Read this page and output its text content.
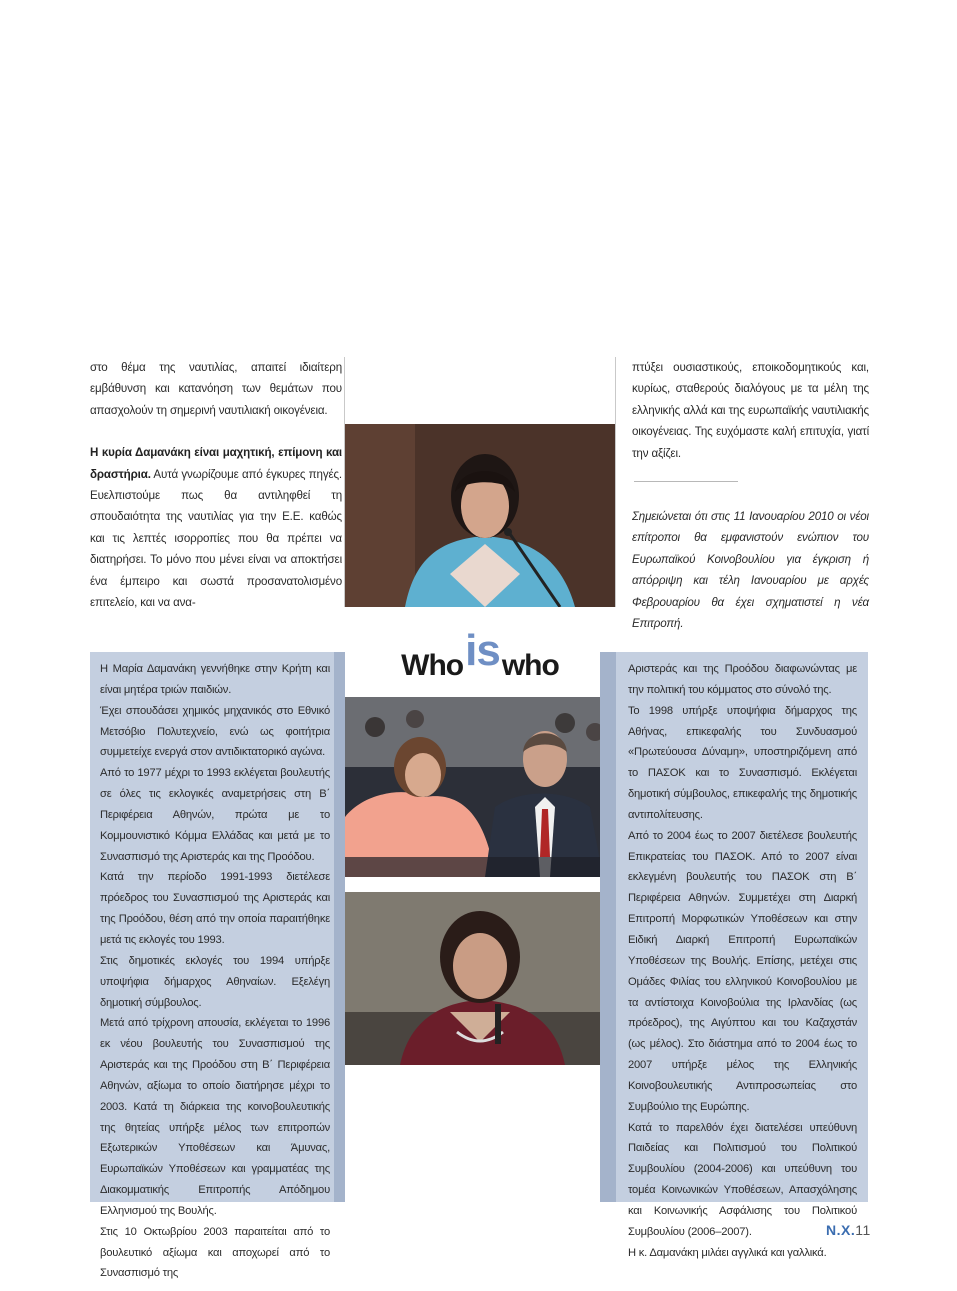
στο θέμα της ναυτιλίας, απαιτεί ιδιαίτερη εμβάθυνση και κατανόηση των θεμάτων που απασχολούν τη σημερινή ναυτιλιακή οικογένεια.

Η κυρία Δαμανάκη είναι μαχητική, επίμονη και δραστήρια. Αυτά γνωρίζουμε από έγκυρες πηγές. Ευελπιστούμε πως θα αντιληφθεί τη σπουδαιότητα της ναυτιλίας για την Ε.Ε. καθώς και τις λεπτές ισορροπίες που θα πρέπει να διατηρήσει. Το μόνο που μένει είναι να αποκτήσει ένα έμπειρο και σωστά προσανατολισμένο επιτελείο, και να ανα-

πτύξει ουσιαστικούς, εποικοδομητικούς και, κυρίως, σταθερούς διαλόγους με τα μέλη της ελληνικής αλλά και της ευρωπαϊκής ναυτιλιακής οικογένειας. Της ευχόμαστε καλή επιτυχία, γιατί την αξίζει.

Σημειώνεται ότι στις 11 Ιανουαρίου 2010 οι νέοι επίτροποι θα εμφανιστούν ενώπιον του Ευρωπαϊκού Κοινοβουλίου για έγκριση ή απόρριψη και τέλη Ιανουαρίου με αρχές Φεβρουαρίου θα έχει σχηματιστεί η νέα Επιτροπή.

Whoiswho

Η Μαρία Δαμανάκη γεννήθηκε στην Κρήτη και είναι μητέρα τριών παιδιών.

Έχει σπουδάσει χημικός μηχανικός στο Εθνικό Μετσόβιο Πολυτεχνείο, ενώ ως φοιτήτρια συμμετείχε ενεργά στον αντιδικτατορικό αγώνα.

Από το 1977 μέχρι το 1993 εκλέγεται βουλευτής σε όλες τις εκλογικές αναμετρήσεις στη Β΄ Περιφέρεια Αθηνών, πρώτα με το Κομμουνιστικό Κόμμα Ελλάδας και μετά με το Συνασπισμό της Αριστεράς και της Προόδου.

Κατά την περίοδο 1991-1993 διετέλεσε πρόεδρος του Συνασπισμού της Αριστεράς και της Προόδου, θέση από την οποία παραιτήθηκε μετά τις εκλογές του 1993.

Στις δημοτικές εκλογές του 1994 υπήρξε υποψήφια δήμαρχος Αθηναίων. Εξελέγη δημοτική σύμβουλος.

Μετά από τρίχρονη απουσία, εκλέγεται το 1996 εκ νέου βουλευτής του Συνασπισμού της Αριστεράς και της Προόδου στη Β΄ Περιφέρεια Αθηνών, αξίωμα το οποίο διατήρησε μέχρι το 2003. Κατά τη διάρκεια της κοινοβουλευτικής της θητείας υπήρξε μέλος των επιτροπών Εξωτερικών Υποθέσεων και Άμυνας, Ευρωπαϊκών Υποθέσεων και γραμματέας της Διακομματικής Επιτροπής Απόδημου Ελληνισμού της Βουλής.

Στις 10 Οκτωβρίου 2003 παραιτείται από το βουλευτικό αξίωμα και αποχωρεί από το Συνασπισμό της

Αριστεράς και της Προόδου διαφωνώντας με την πολιτική του κόμματος στο σύνολό της.

Το 1998 υπήρξε υποψήφια δήμαρχος της Αθήνας, επικεφαλής του Συνδυασμού «Πρωτεύουσα Δύναμη», υποστηριζόμενη από το ΠΑΣΟΚ και το Συνασπισμό. Εκλέγεται δημοτική σύμβουλος, επικεφαλής της δημοτικής αντιπολίτευσης.

Από το 2004 έως το 2007 διετέλεσε βουλευτής Επικρατείας του ΠΑΣΟΚ. Από το 2007 είναι εκλεγμένη βουλευτής του ΠΑΣΟΚ στη Β΄ Περιφέρεια Αθηνών. Συμμετέχει στη Διαρκή Επιτροπή Μορφωτικών Υποθέσεων και στην Ειδική Διαρκή Επιτροπή Ευρωπαϊκών Υποθέσεων της Βουλής. Επίσης, μετέχει στις Ομάδες Φιλίας του ελληνικού Κοινοβουλίου με τα αντίστοιχα Κοινοβούλια της Ιρλανδίας (ως πρόεδρος), της Αιγύπτου και του Καζαχστάν (ως μέλος). Στο διάστημα από το 2004 έως το 2007 υπήρξε μέλος της Ελληνικής Κοινοβουλευτικής Αντιπροσωπείας στο Συμβούλιο της Ευρώπης.

Κατά το παρελθόν έχει διατελέσει υπεύθυνη Παιδείας και Πολιτισμού του Πολιτικού Συμβουλίου (2004-2006) και υπεύθυνη του τομέα Κοινωνικών Υποθέσεων, Απασχόλησης και Κοινωνικής Ασφάλισης του Πολιτικού Συμβουλίου (2006–2007).

Η κ. Δαμανάκη μιλάει αγγλικά και γαλλικά.

Ν.Χ.11
